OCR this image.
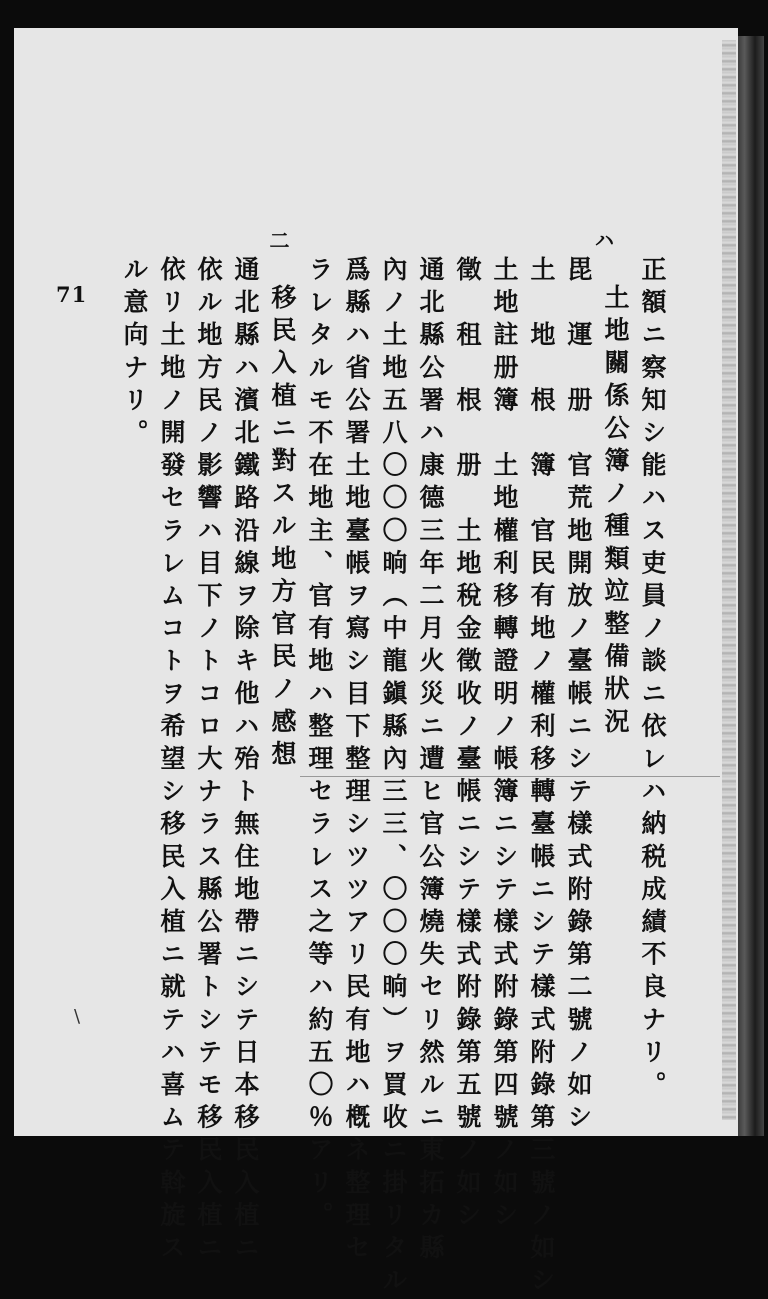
ハ
二
正額ニ察知シ能ハス吏員ノ談ニ依レハ納税成績不良ナリ。
土地關係公簿ノ種類竝整備狀況
毘　運　册　官荒地開放ノ臺帳ニシテ樣式附錄第二號ノ如シ
土　地　根　簿　官民有地ノ權利移轉臺帳ニシテ樣式附錄第三號ノ如シ
土地註册簿　土地權利移轉證明ノ帳簿ニシテ樣式附錄第四號ノ如シ
徵　租　根　册　土地稅金徵收ノ臺帳ニシテ樣式附錄第五號ノ如シ
通北縣公署ハ康德三年二月火災ニ遭ヒ官公簿燒失セリ然ルニ東拓カ縣
內ノ土地五八〇〇〇晌（中龍鎭縣內三三、〇〇〇晌）ヲ買收ニ掛リタル
爲縣ハ省公署土地臺帳ヲ寫シ目下整理シツツアリ民有地ハ槪ネ整理セ
ラレタルモ不在地主、官有地ハ整理セラレス之等ハ約五〇％アリ。
移民入植ニ對スル地方官民ノ感想
通北縣ハ濱北鐵路沿線ヲ除キ他ハ殆ト無住地帶ニシテ日本移民入植ニ
依ル地方民ノ影響ハ目下ノトコロ大ナラス縣公署トシテモ移民入植ニ
依リ土地ノ開發セラレムコトヲ希望シ移民入植ニ就テハ喜ムテ斡旋ス
ル意向ナリ。
71
\
